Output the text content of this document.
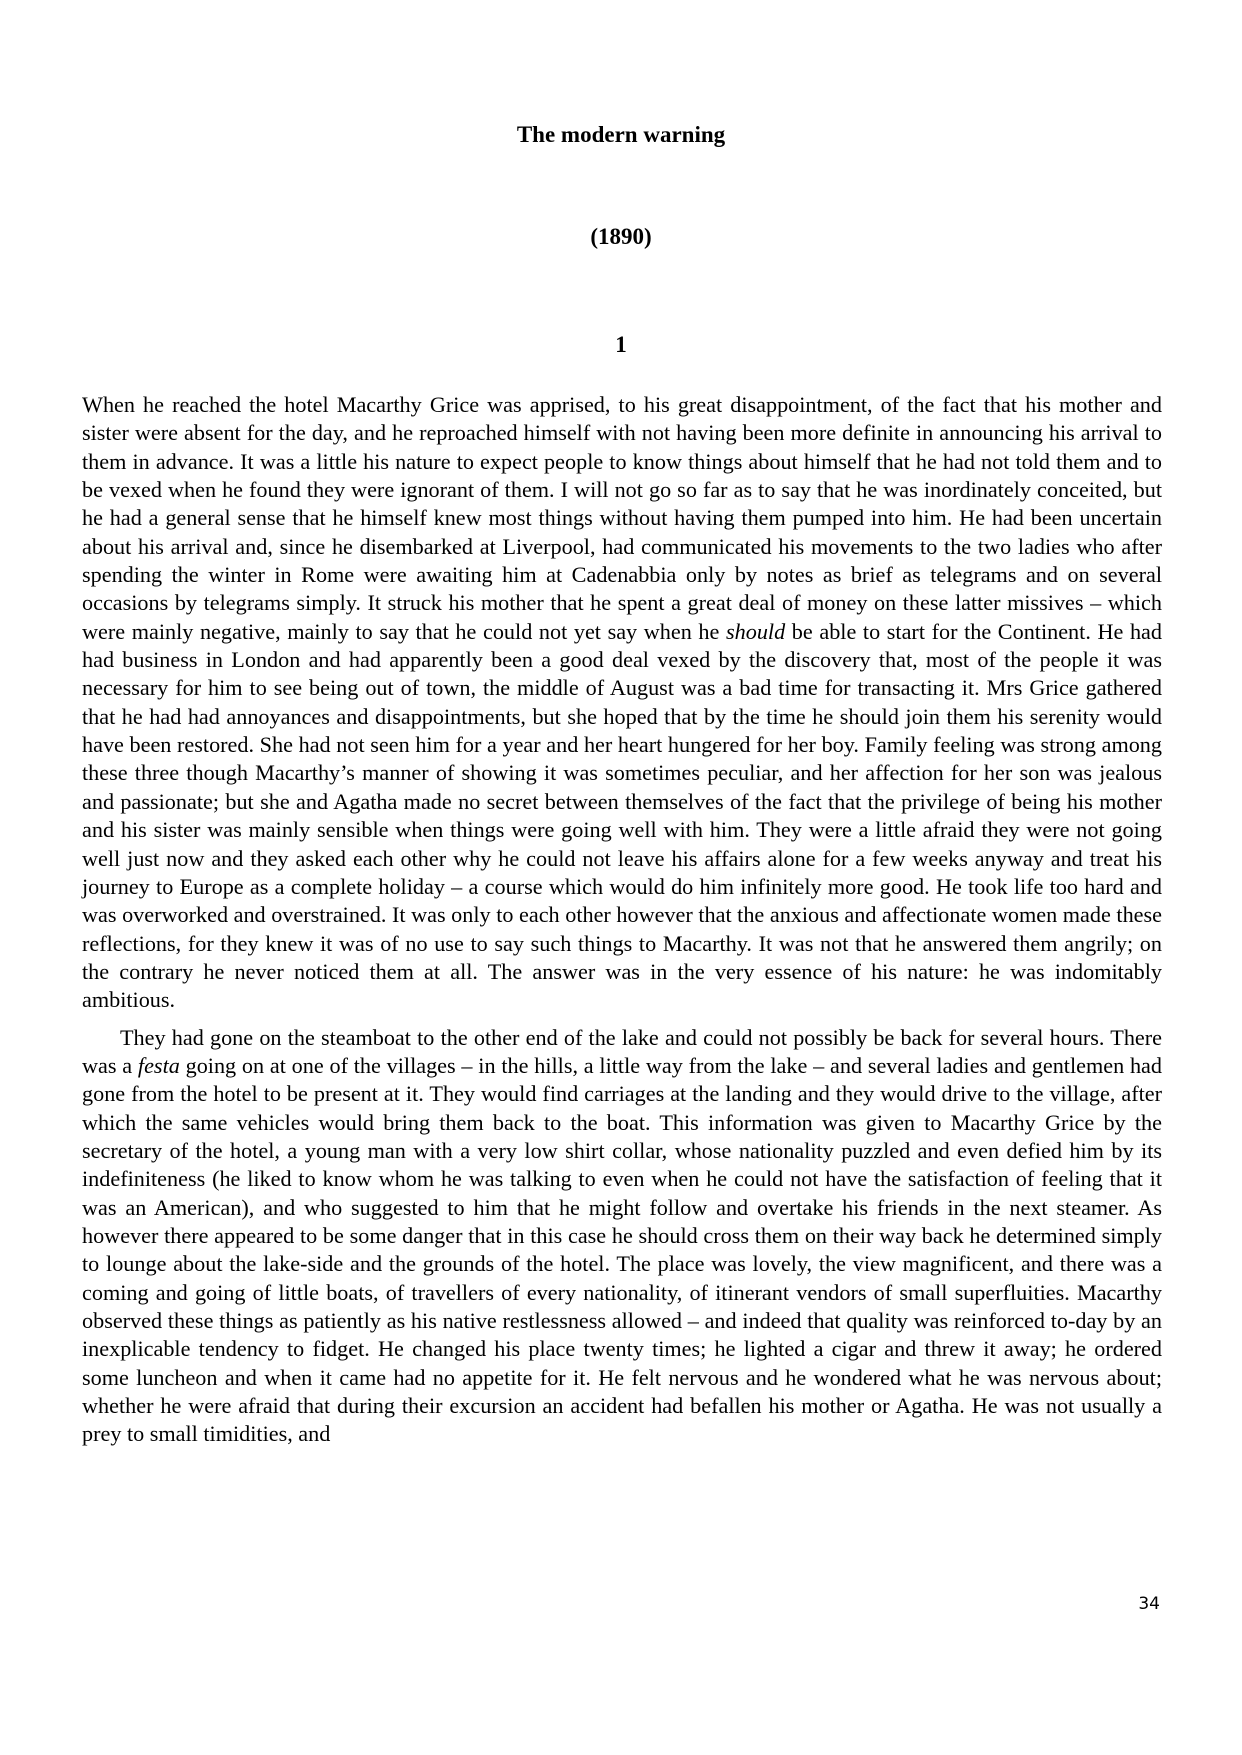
The modern warning
(1890)
1

When he reached the hotel Macarthy Grice was apprised, to his great disappointment, of the fact that his mother and sister were absent for the day, and he reproached himself with not having been more definite in announcing his arrival to them in advance. It was a little his nature to expect people to know things about himself that he had not told them and to be vexed when he found they were ignorant of them. I will not go so far as to say that he was inordinately conceited, but he had a general sense that he himself knew most things without having them pumped into him. He had been uncertain about his arrival and, since he disembarked at Liverpool, had communicated his movements to the two ladies who after spending the winter in Rome were awaiting him at Cadenabbia only by notes as brief as telegrams and on several occasions by telegrams simply. It struck his mother that he spent a great deal of money on these latter missives – which were mainly negative, mainly to say that he could not yet say when he should be able to start for the Continent. He had had business in London and had apparently been a good deal vexed by the discovery that, most of the people it was necessary for him to see being out of town, the middle of August was a bad time for transacting it. Mrs Grice gathered that he had had annoyances and disappointments, but she hoped that by the time he should join them his serenity would have been restored. She had not seen him for a year and her heart hungered for her boy. Family feeling was strong among these three though Macarthy’s manner of showing it was sometimes peculiar, and her affection for her son was jealous and passionate; but she and Agatha made no secret between themselves of the fact that the privilege of being his mother and his sister was mainly sensible when things were going well with him. They were a little afraid they were not going well just now and they asked each other why he could not leave his affairs alone for a few weeks anyway and treat his journey to Europe as a complete holiday – a course which would do him infinitely more good. He took life too hard and was overworked and overstrained. It was only to each other however that the anxious and affectionate women made these reflections, for they knew it was of no use to say such things to Macarthy. It was not that he answered them angrily; on the contrary he never noticed them at all. The answer was in the very essence of his nature: he was indomitably ambitious.

They had gone on the steamboat to the other end of the lake and could not possibly be back for several hours. There was a festa going on at one of the villages – in the hills, a little way from the lake – and several ladies and gentlemen had gone from the hotel to be present at it. They would find carriages at the landing and they would drive to the village, after which the same vehicles would bring them back to the boat. This information was given to Macarthy Grice by the secretary of the hotel, a young man with a very low shirt collar, whose nationality puzzled and even defied him by its indefiniteness (he liked to know whom he was talking to even when he could not have the satisfaction of feeling that it was an American), and who suggested to him that he might follow and overtake his friends in the next steamer. As however there appeared to be some danger that in this case he should cross them on their way back he determined simply to lounge about the lake-side and the grounds of the hotel. The place was lovely, the view magnificent, and there was a coming and going of little boats, of travellers of every nationality, of itinerant vendors of small superfluities. Macarthy observed these things as patiently as his native restlessness allowed – and indeed that quality was reinforced to-day by an inexplicable tendency to fidget. He changed his place twenty times; he lighted a cigar and threw it away; he ordered some luncheon and when it came had no appetite for it. He felt nervous and he wondered what he was nervous about; whether he were afraid that during their excursion an accident had befallen his mother or Agatha. He was not usually a prey to small timidities, and

34
